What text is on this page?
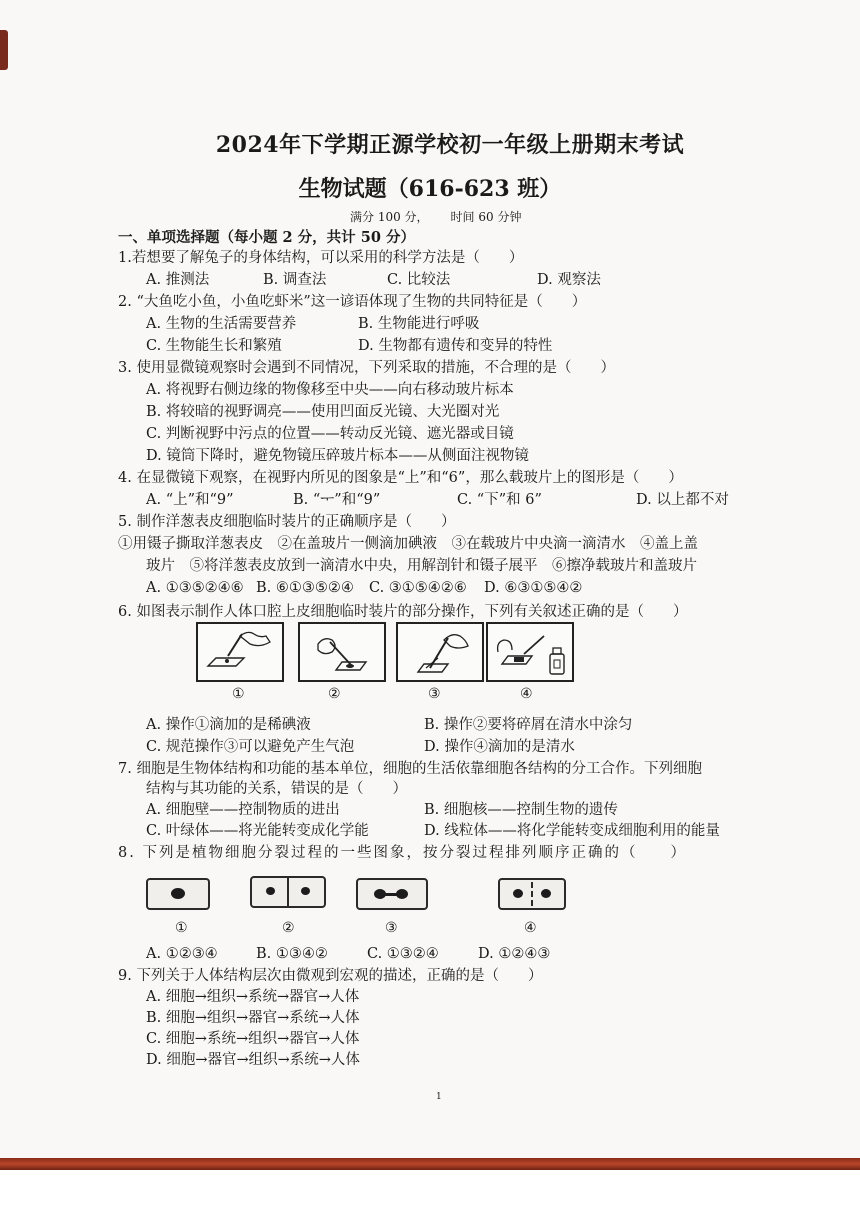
2024年下学期正源学校初一年级上册期末考试
生物试题（616-623 班）
满分 100 分， 时间 60 分钟
一、单项选择题（每小题 2 分，共计 50 分）
1.若想要了解兔子的身体结构，可以采用的科学方法是（　　）
A. 推测法	B. 调查法	C. 比较法	D. 观察法
2. “大鱼吃小鱼，小鱼吃虾米”这一谚语体现了生物的共同特征是（　　）
A. 生物的生活需要营养	B. 生物能进行呼吸
C. 生物能生长和繁殖	D. 生物都有遗传和变异的特性
3. 使用显微镜观察时会遇到不同情况，下列采取的措施，不合理的是（　　）
A. 将视野右侧边缘的物像移至中央——向右移动玻片标本
B. 将较暗的视野调亮——使用凹面反光镜、大光圈对光
C. 判断视野中污点的位置——转动反光镜、遮光器或目镜
D. 镜筒下降时，避免物镜压碎玻片标本——从侧面注视物镜
4. 在显微镜下观察，在视野内所见的图象是“上”和“6”，那么载玻片上的图形是（　　）
A. “上”和“9”	B. “ᅮ”和“9”	C. “下”和 6”	D. 以上都不对
5. 制作洋葱表皮细胞临时装片的正确顺序是（　　）
①用镊子撕取洋葱表皮　②在盖玻片一侧滴加碘液　③在载玻片中央滴一滴清水　④盖上盖
玻片　⑤将洋葱表皮放到一滴清水中央，用解剖针和镊子展平　⑥擦净载玻片和盖玻片
A. ①③⑤②④⑥ B. ⑥①③⑤②④ C. ③①⑤④②⑥ D. ⑥③①⑤④②
6. 如图表示制作人体口腔上皮细胞临时装片的部分操作，下列有关叙述正确的是（　　）
①	②	③	④
A. 操作①滴加的是稀碘液	B. 操作②要将碎屑在清水中涂匀
C. 规范操作③可以避免产生气泡	D. 操作④滴加的是清水
7. 细胞是生物体结构和功能的基本单位，细胞的生活依靠细胞各结构的分工合作。下列细胞
结构与其功能的关系，错误的是（　　）
A. 细胞壁——控制物质的进出	B. 细胞核——控制生物的遗传
C. 叶绿体——将光能转变成化学能	D. 线粒体——将化学能转变成细胞利用的能量
8. 下列是植物细胞分裂过程的一些图象，按分裂过程排列顺序正确的（　　）
①	②	③	④
A. ①②③④	B. ①③④②	C. ①③②④	D. ①②④③
9. 下列关于人体结构层次由微观到宏观的描述，正确的是（　　）
A. 细胞→组织→系统→器官→人体
B. 细胞→组织→器官→系统→人体
C. 细胞→系统→组织→器官→人体
D. 细胞→器官→组织→系统→人体
1
